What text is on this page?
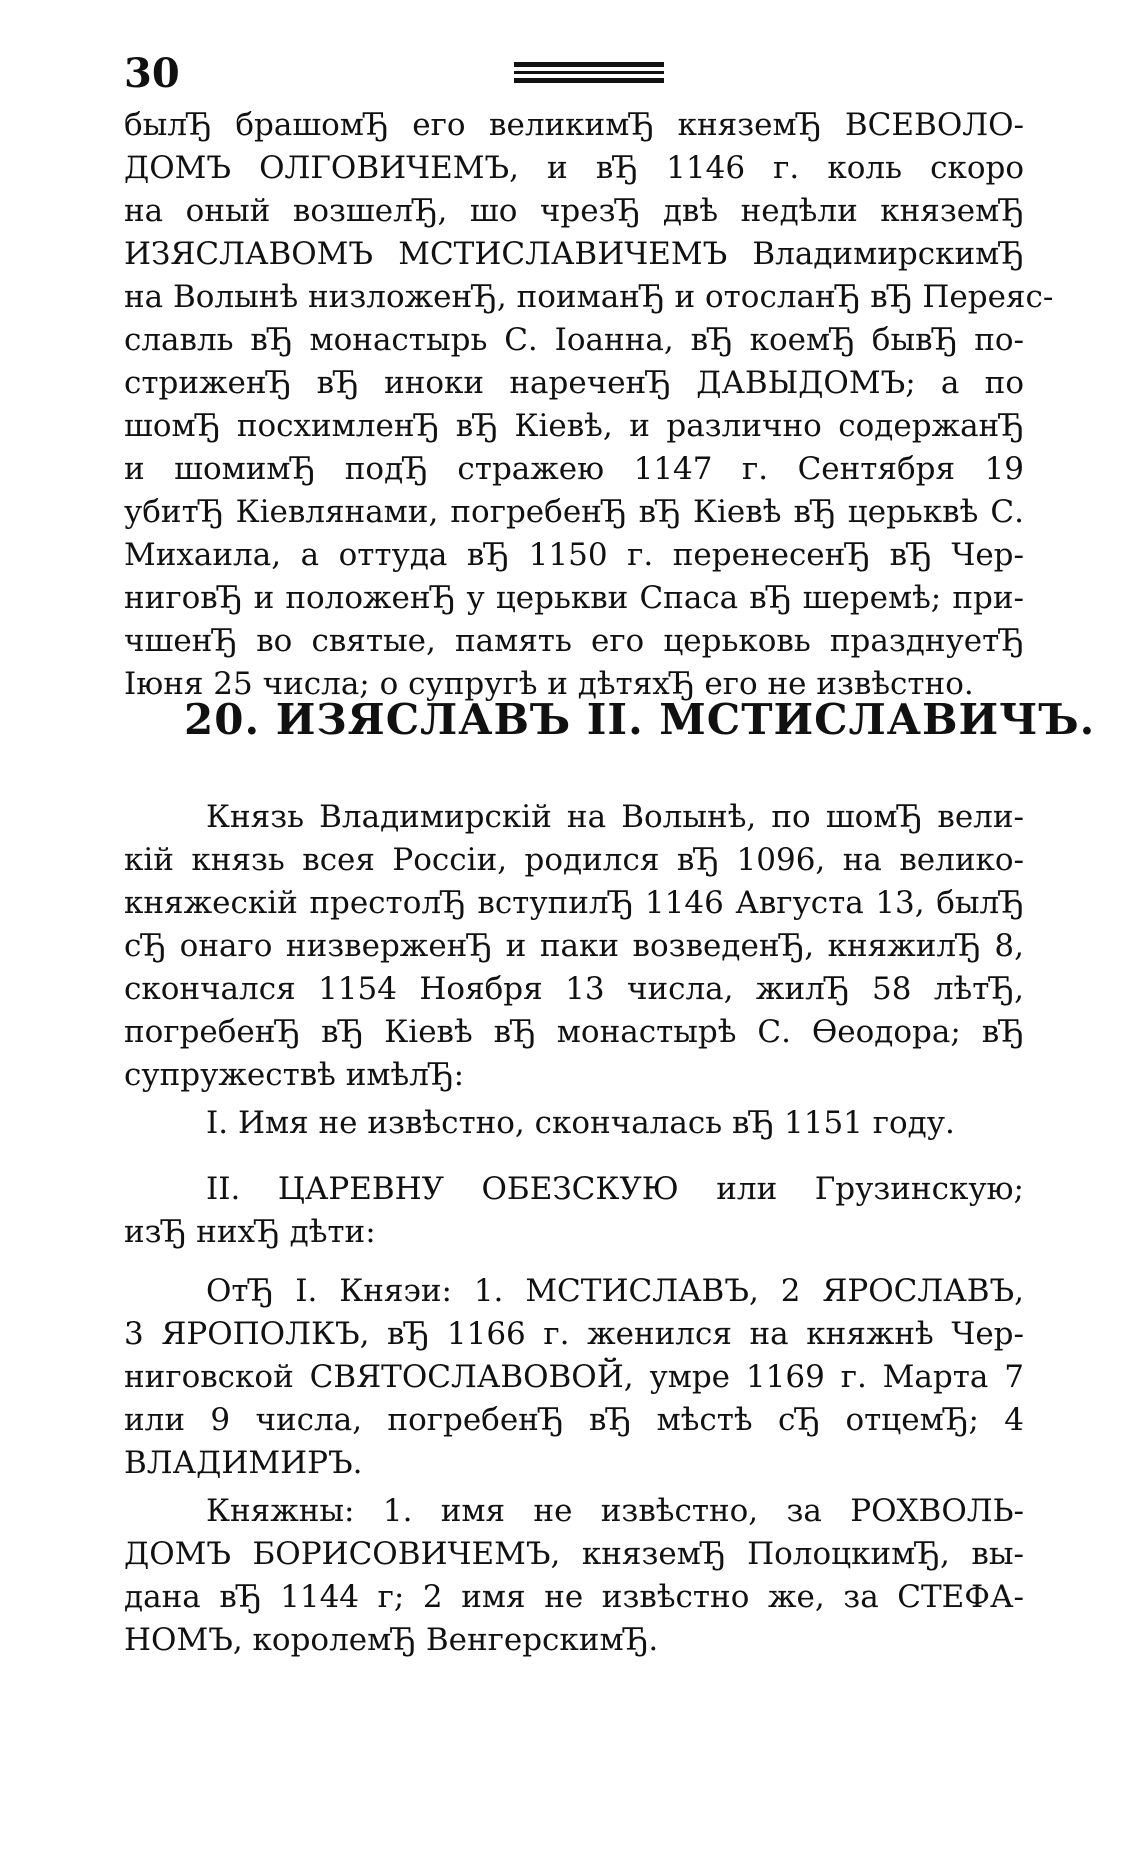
30
былЂ брашомЂ его великимЂ княземЂ ВСЕВОЛО-
ДОМЪ ОЛГОВИЧЕМЪ, и вЂ 1146 г. коль скоро
на оный возшелЂ, шо чрезЂ двѣ недѣли княземЂ
ИЗЯСЛАВОМЪ МСТИСЛАВИЧЕМЪ ВладимирскимЂ
на Волынѣ низложенЂ, поиманЂ и отосланЂ вЂ Переяс-
славль вЂ монастырь С. Іоанна, вЂ коемЂ бывЂ по-
стриженЂ вЂ иноки нареченЂ ДАВЫДОМЪ; а по
шомЂ посхимленЂ вЂ Кіевѣ, и различно содержанЂ
и шомимЂ подЂ стражею 1147 г. Сентября 19
убитЂ Кіевлянами, погребенЂ вЂ Кіевѣ вЂ церьквѣ С.
Михаила, а оттуда вЂ 1150 г. перенесенЂ вЂ Чер-
ниговЂ и положенЂ у церькви Спаса вЂ шеремѣ; при-
чшенЂ во святые, память его церьковь празднуетЂ
Іюня 25 числа; о супругѣ и дѣтяхЂ его не извѣстно.
20. ИЗЯСЛАВЪ II. МСТИСЛАВИЧЪ.
Князь Владимирскій на Волынѣ, по шомЂ вели-
кій князь всея Россіи, родился вЂ 1096, на велико-
княжескій престолЂ вступилЂ 1146 Августа 13, былЂ
сЂ онаго низверженЂ и паки возведенЂ, княжилЂ 8,
скончался 1154 Ноября 13 числа, жилЂ 58 лѣтЂ,
погребенЂ вЂ Кіевѣ вЂ монастырѣ С. Өеодора; вЂ
супружествѣ имѣлЂ:
I. Имя не извѣстно, скончалась вЂ 1151 году.
II. ЦАРЕВНУ ОБЕЗСКУЮ или Грузинскую;
изЂ нихЂ дѣти:
ОтЂ I. Княэи: 1. МСТИСЛАВЪ, 2 ЯРОСЛАВЪ,
3 ЯРОПОЛКЪ, вЂ 1166 г. женился на княжнѣ Чер-
ниговской СВЯТОСЛАВОВОЙ, умре 1169 г. Марта 7
или 9 числа, погребенЂ вЂ мѣстѣ сЂ отцемЂ; 4
ВЛАДИМИРЪ.
Княжны: 1. имя не извѣстно, за РОХВОЛЬ-
ДОМЪ БОРИСОВИЧЕМЪ, княземЂ ПолоцкимЂ, вы-
дана вЂ 1144 г; 2 имя не извѣстно же, за СТЕФА-
НОМЪ, королемЂ ВенгерскимЂ.
